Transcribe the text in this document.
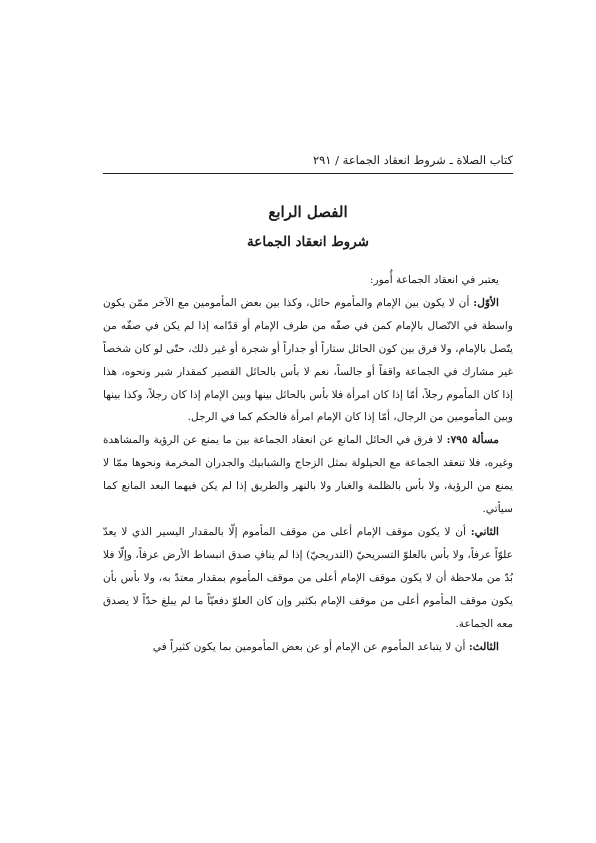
كتاب الصلاة ـ شروط انعقاد الجماعة / ٢٩١
الفصل الرابع
شروط انعقاد الجماعة

يعتبر في انعقاد الجماعة أُمور:

الأوّل: أن لا يكون بين الإمام والمأموم حائل، وكذا بين بعض المأمومين مع الآخر ممّن يكون واسطة في الاتّصال بالإمام كمن في صفّه من طرف الإمام أو قدّامه إذا لم يكن في صفّه من يتّصل بالإمام، ولا فرق بين كون الحائل ستاراً أو جداراً أو شجرة أو غير ذلك، حتّى لو كان شخصاً غير مشارك في الجماعة واقفاً أو جالساً، نعم لا بأس بالحائل القصير كمقدار شبر ونحوه، هذا إذا كان المأموم رجلاً، أمّا إذا كان امرأة فلا بأس بالحائل بينها وبين الإمام إذا كان رجلاً، وكذا بينها وبين المأمومين من الرجال، أمّا إذا كان الإمام امرأة فالحكم كما في الرجل.

مسألة ٧٩٥: لا فرق في الحائل المانع عن انعقاد الجماعة بين ما يمنع عن الرؤية والمشاهدة وغيره، فلا تنعقد الجماعة مع الحيلولة بمثل الزجاج والشبابيك والجدران المخرمة ونحوها ممّا لا يمنع من الرؤية، ولا بأس بالظلمة والغبار ولا بالنهر والطريق إذا لم يكن فيهما البعد المانع كما سيأتي.

الثاني: أن لا يكون موقف الإمام أعلى من موقف المأموم إلّا بالمقدار اليسير الذي لا يعدّ علوّاً عرفاً، ولا بأس بالعلوّ التسريحيّ (التدريجيّ) إذا لم ينافِ صدق انبساط الأرض عرفاً، وإلّا فلا بُدّ من ملاحظة أن لا يكون موقف الإمام أعلى من موقف المأموم بمقدار معتدّ به، ولا بأس بأن يكون موقف المأموم أعلى من موقف الإمام بكثير وإن كان العلوّ دفعيّاً ما لم يبلغ حدّاً لا يصدق معه الجماعة.

الثالث: أن لا يتباعد المأموم عن الإمام أو عن بعض المأمومين بما يكون كثيراً في
